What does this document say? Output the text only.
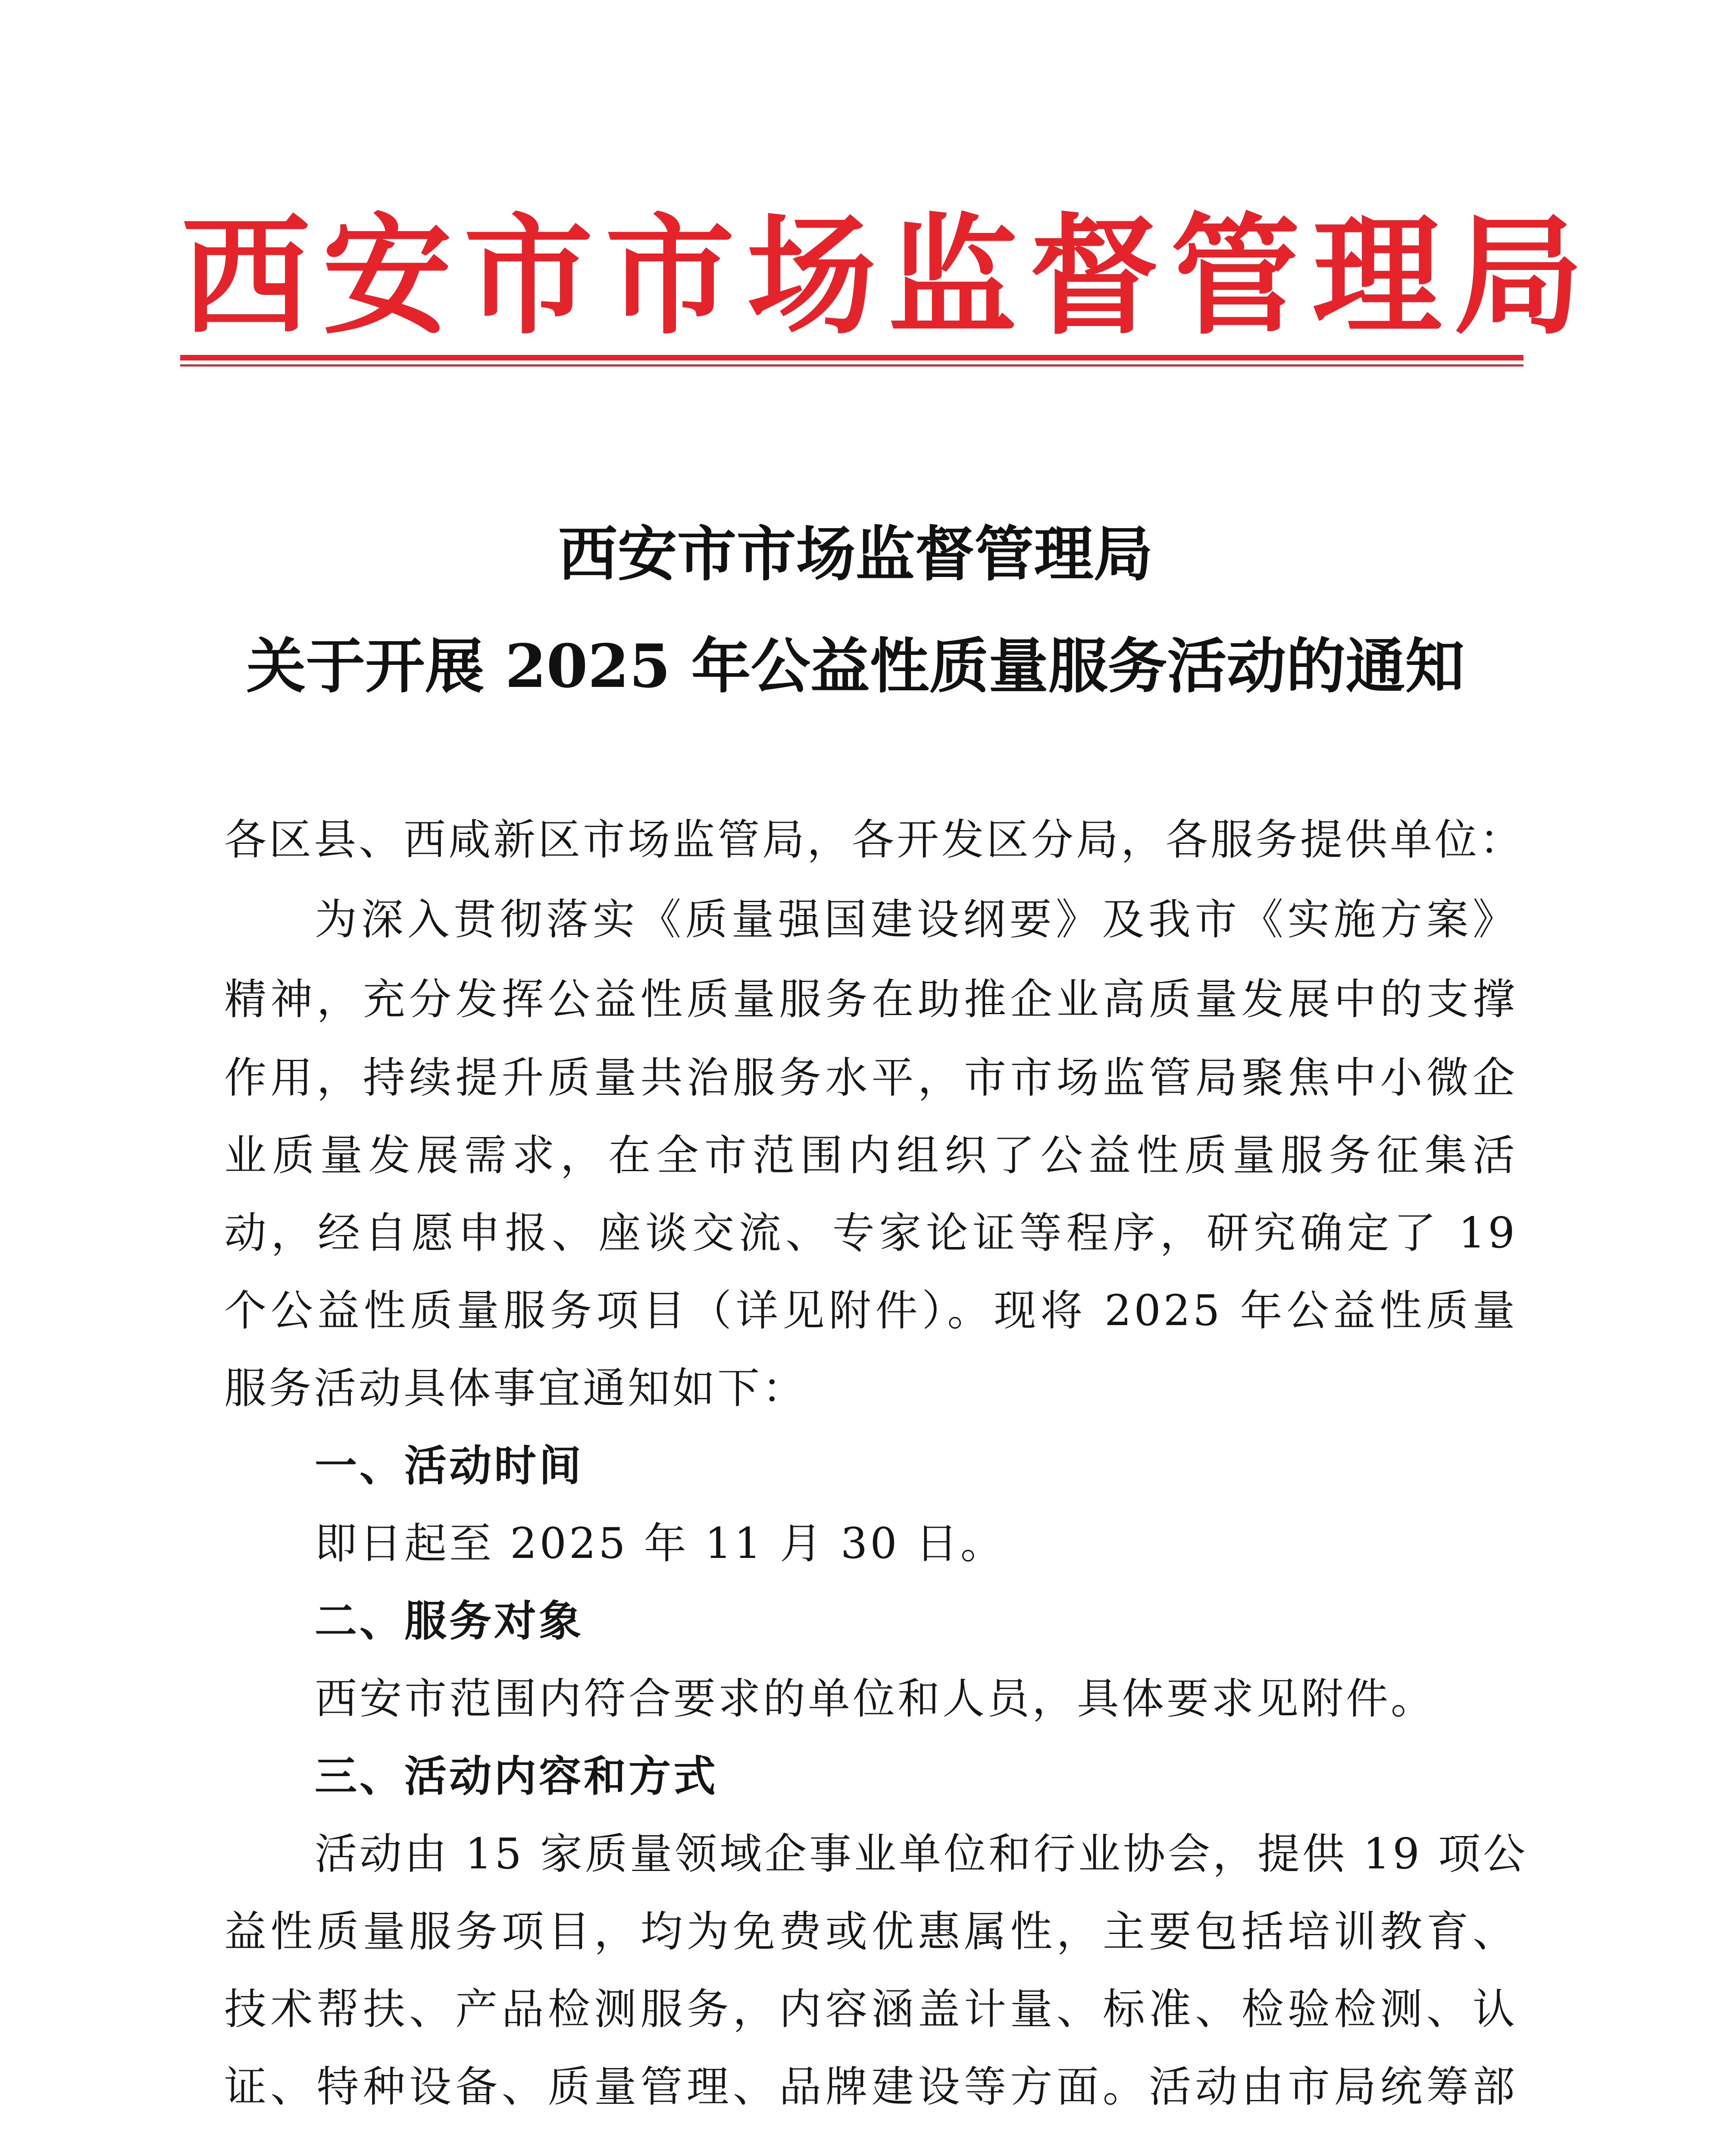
西安市市场监督管理局
西安市市场监督管理局
关于开展 2025 年公益性质量服务活动的通知

各区县、西咸新区市场监管局，各开发区分局，各服务提供单位：

为深入贯彻落实《质量强国建设纲要》及我市《实施方案》

精神，充分发挥公益性质量服务在助推企业高质量发展中的支撑

作用，持续提升质量共治服务水平，市市场监管局聚焦中小微企

业质量发展需求，在全市范围内组织了公益性质量服务征集活

动，经自愿申报、座谈交流、专家论证等程序，研究确定了 19

个公益性质量服务项目（详见附件）。现将 2025 年公益性质量

服务活动具体事宜通知如下：

一、活动时间

即日起至 2025 年 11 月 30 日。

二、服务对象

西安市范围内符合要求的单位和人员，具体要求见附件。

三、活动内容和方式

活动由 15 家质量领域企事业单位和行业协会，提供 19 项公

益性质量服务项目，均为免费或优惠属性，主要包括培训教育、

技术帮扶、产品检测服务，内容涵盖计量、标准、检验检测、认

证、特种设备、质量管理、品牌建设等方面。活动由市局统筹部
